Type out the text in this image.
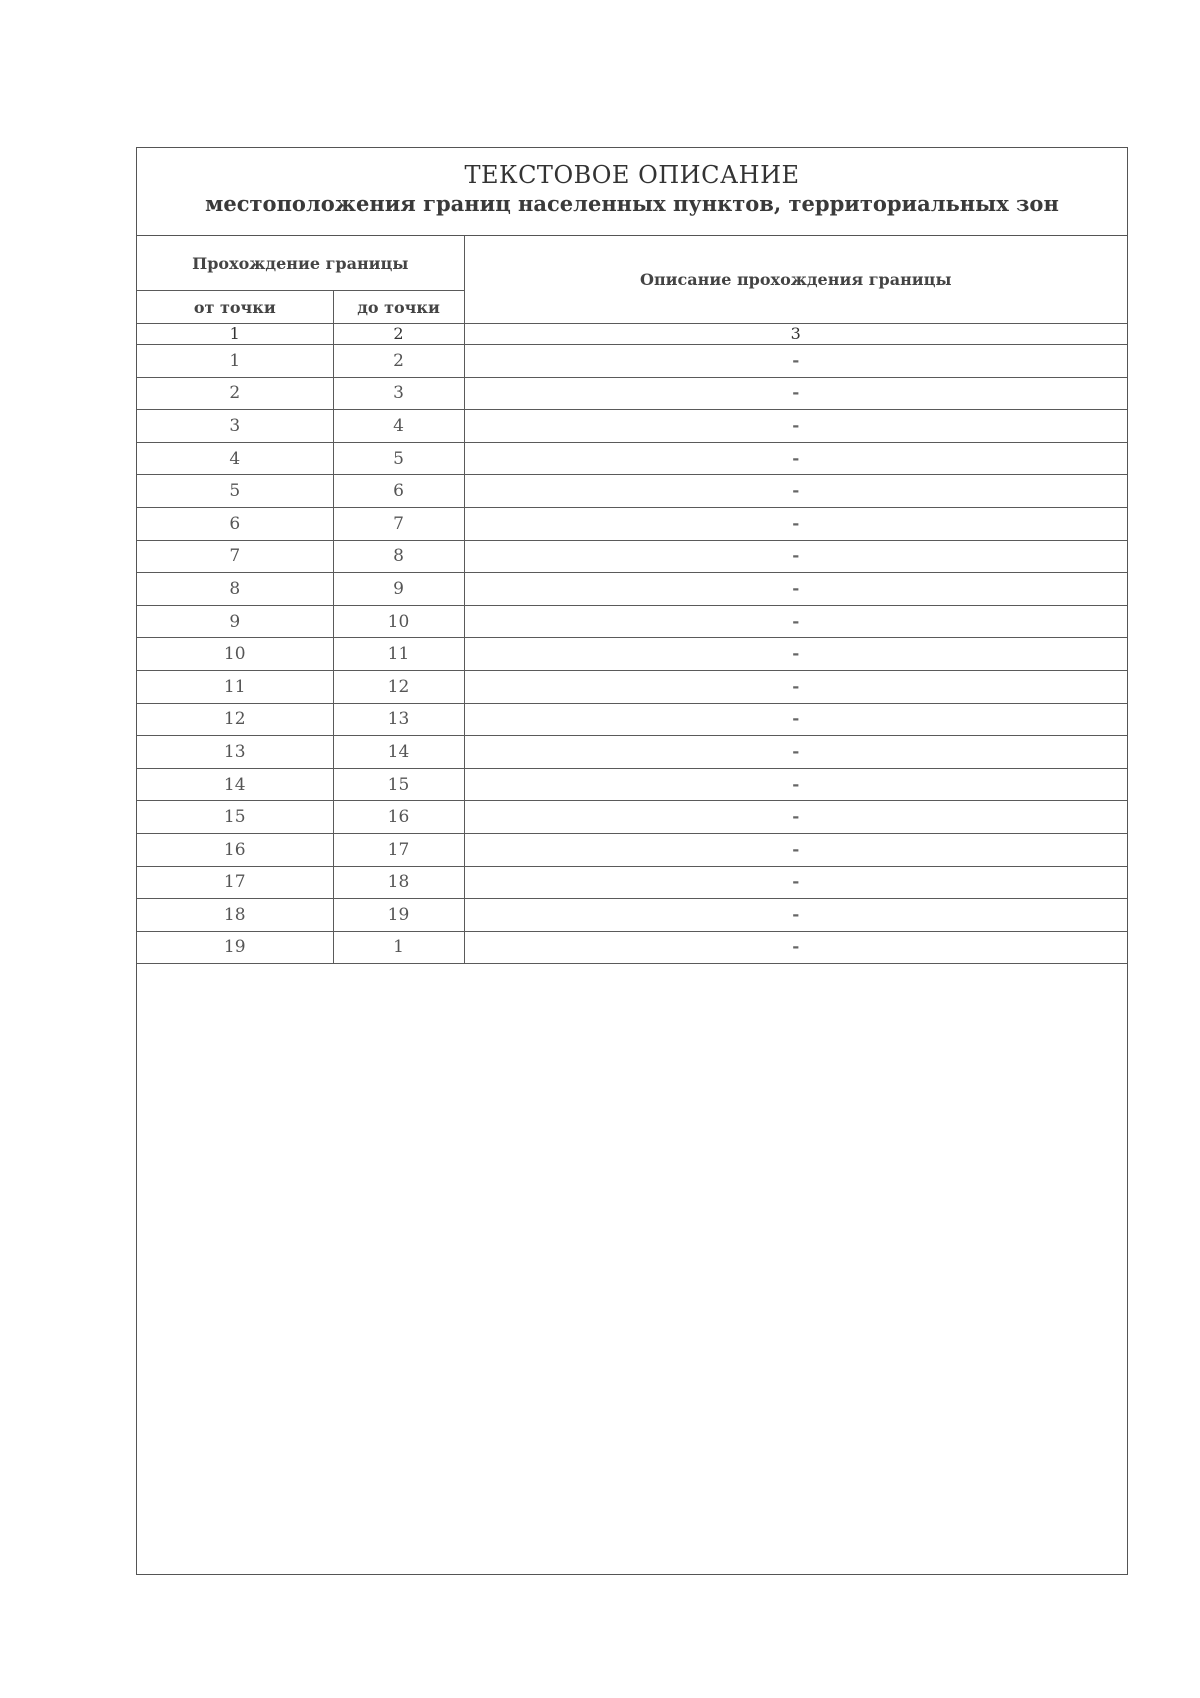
ТЕКСТОВОЕ ОПИСАНИЕ
местоположения границ населенных пунктов, территориальных зон
Прохождение границы		Описание прохождения границы
от точки	до точки	
1	2	3
1	2	-
2	3	-
3	4	-
4	5	-
5	6	-
6	7	-
7	8	-
8	9	-
9	10	-
10	11	-
11	12	-
12	13	-
13	14	-
14	15	-
15	16	-
16	17	-
17	18	-
18	19	-
19	1	-
